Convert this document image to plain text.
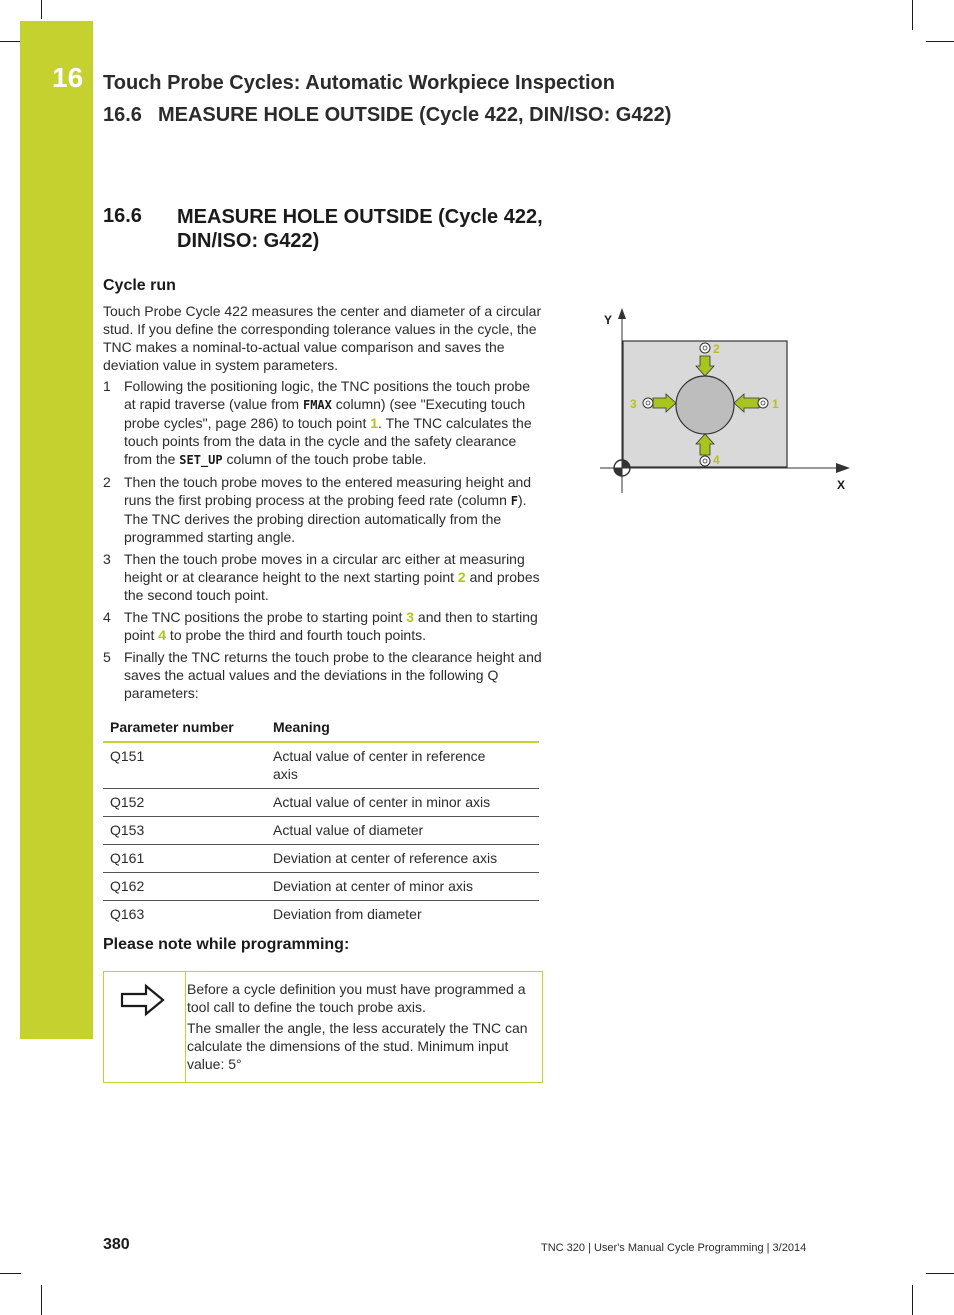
16 Touch Probe Cycles: Automatic Workpiece Inspection
16.6 MEASURE HOLE OUTSIDE (Cycle 422, DIN/ISO: G422)
16.6 MEASURE HOLE OUTSIDE (Cycle 422, DIN/ISO: G422)
Cycle run
Touch Probe Cycle 422 measures the center and diameter of a circular stud. If you define the corresponding tolerance values in the cycle, the TNC makes a nominal-to-actual value comparison and saves the deviation value in system parameters.
1 Following the positioning logic, the TNC positions the touch probe at rapid traverse (value from FMAX column) (see "Executing touch probe cycles", page 286) to touch point 1. The TNC calculates the touch points from the data in the cycle and the safety clearance from the SET_UP column of the touch probe table.
2 Then the touch probe moves to the entered measuring height and runs the first probing process at the probing feed rate (column F). The TNC derives the probing direction automatically from the programmed starting angle.
3 Then the touch probe moves in a circular arc either at measuring height or at clearance height to the next starting point 2 and probes the second touch point.
4 The TNC positions the probe to starting point 3 and then to starting point 4 to probe the third and fourth touch points.
5 Finally the TNC returns the touch probe to the clearance height and saves the actual values and the deviations in the following Q parameters:
Parameter number	Meaning
Q151	Actual value of center in reference axis
Q152	Actual value of center in minor axis
Q153	Actual value of diameter
Q161	Deviation at center of reference axis
Q162	Deviation at center of minor axis
Q163	Deviation from diameter
Please note while programming:

Before a cycle definition you must have programmed a tool call to define the touch probe axis.

The smaller the angle, the less accurately the TNC can calculate the dimensions of the stud. Minimum input value: 5°

Y
X
1
2
3
4
380	TNC 320 | User's Manual Cycle Programming | 3/2014
